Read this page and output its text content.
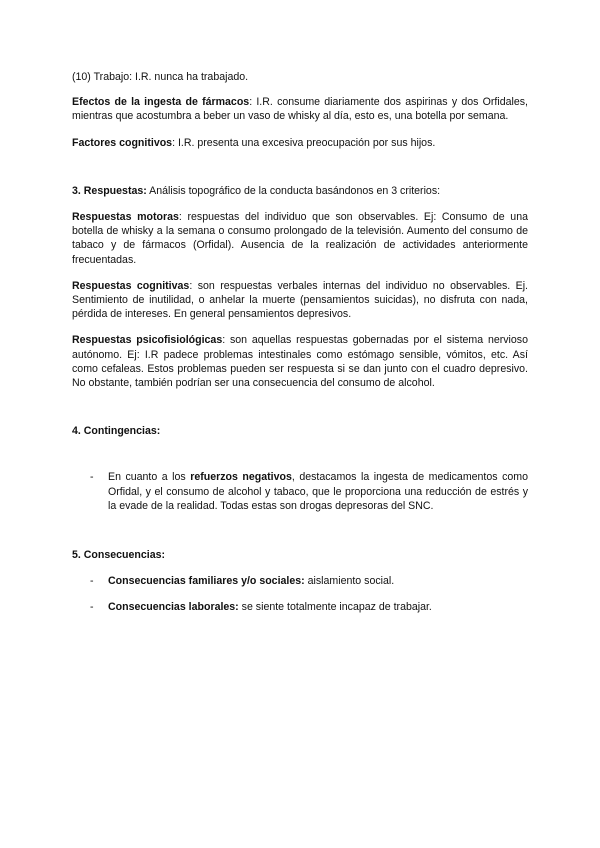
(10) Trabajo: I.R. nunca ha trabajado.

Efectos de la ingesta de fármacos: I.R. consume diariamente dos aspirinas y dos Orfidales, mientras que acostumbra a beber un vaso de whisky al día, esto es, una botella por semana.

Factores cognitivos: I.R. presenta una excesiva preocupación por sus hijos.

3. Respuestas: Análisis topográfico de la conducta basándonos en 3 criterios:

Respuestas motoras: respuestas del individuo que son observables. Ej: Consumo de una botella de whisky a la semana o consumo prolongado de la televisión. Aumento del consumo de tabaco y de fármacos (Orfidal). Ausencia de la realización de actividades anteriormente frecuentadas.

Respuestas cognitivas: son respuestas verbales internas del individuo no observables. Ej. Sentimiento de inutilidad, o anhelar la muerte (pensamientos suicidas), no disfruta con nada, pérdida de intereses. En general pensamientos depresivos.

Respuestas psicofisiológicas: son aquellas respuestas gobernadas por el sistema nervioso autónomo. Ej: I.R padece problemas intestinales como estómago sensible, vómitos, etc. Así como cefaleas. Estos problemas pueden ser respuesta si se dan junto con el cuadro depresivo. No obstante, también podrían ser una consecuencia del consumo de alcohol.

4. Contingencias:

- En cuanto a los refuerzos negativos, destacamos la ingesta de medicamentos como Orfidal, y el consumo de alcohol y tabaco, que le proporciona una reducción de estrés y la evade de la realidad. Todas estas son drogas depresoras del SNC.

5. Consecuencias:

- Consecuencias familiares y/o sociales: aislamiento social.
- Consecuencias laborales: se siente totalmente incapaz de trabajar.
